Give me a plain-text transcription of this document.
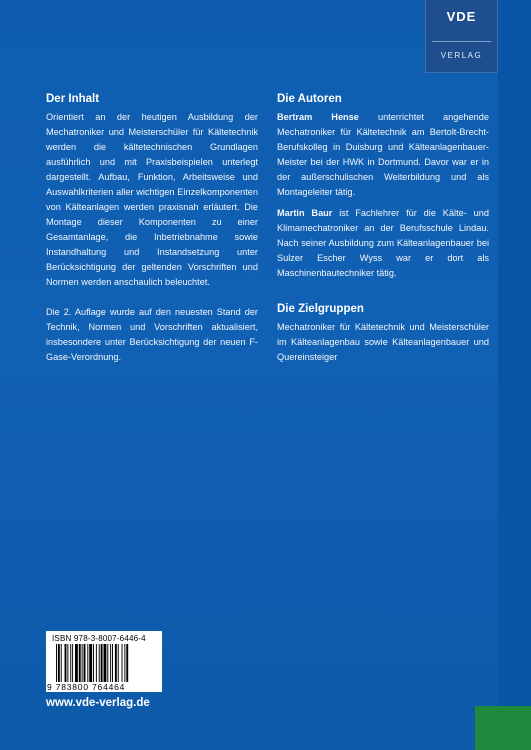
VDE
VERLAG
Der Inhalt

Orientiert an der heutigen Ausbildung der Mechatroniker und Meisterschüler für Kältetechnik werden die kältetechnischen Grundlagen ausführlich und mit Praxisbeispielen unterlegt dargestellt. Aufbau, Funktion, Arbeitsweise und Auswahlkriterien aller wichtigen Einzelkomponenten von Kälteanlagen werden praxisnah erläutert. Die Montage dieser Komponenten zu einer Gesamtanlage, die Inbetriebnahme sowie Instandhaltung und Instandsetzung unter Berücksichtigung der geltenden Vorschriften und Normen werden anschaulich beleuchtet.

Die 2. Auflage wurde auf den neuesten Stand der Technik, Normen und Vorschriften aktualisiert, insbesondere unter Berücksichtigung der neuen F-Gase-Verordnung.

Die Autoren

Bertram Hense unterrichtet angehende Mechatroniker für Kältetechnik am Bertolt-Brecht-Berufskolleg in Duisburg und Kälteanlagenbauer-Meister bei der HWK in Dortmund. Davor war er in der außerschulischen Weiterbildung und als Montageleiter tätig.

Martin Baur ist Fachlehrer für die Kälte- und Klimamechatroniker an der Berufsschule Lindau. Nach seiner Ausbildung zum Kälteanlagenbauer bei Sulzer Escher Wyss war er dort als Maschinenbautechniker tätig.

Die Zielgruppen

Mechatroniker für Kältetechnik und Meisterschüler im Kälteanlagenbau sowie Kälteanlagenbauer und Quereinsteiger

ISBN 978-3-8007-6446-4
9 783800 764464
www.vde-verlag.de
